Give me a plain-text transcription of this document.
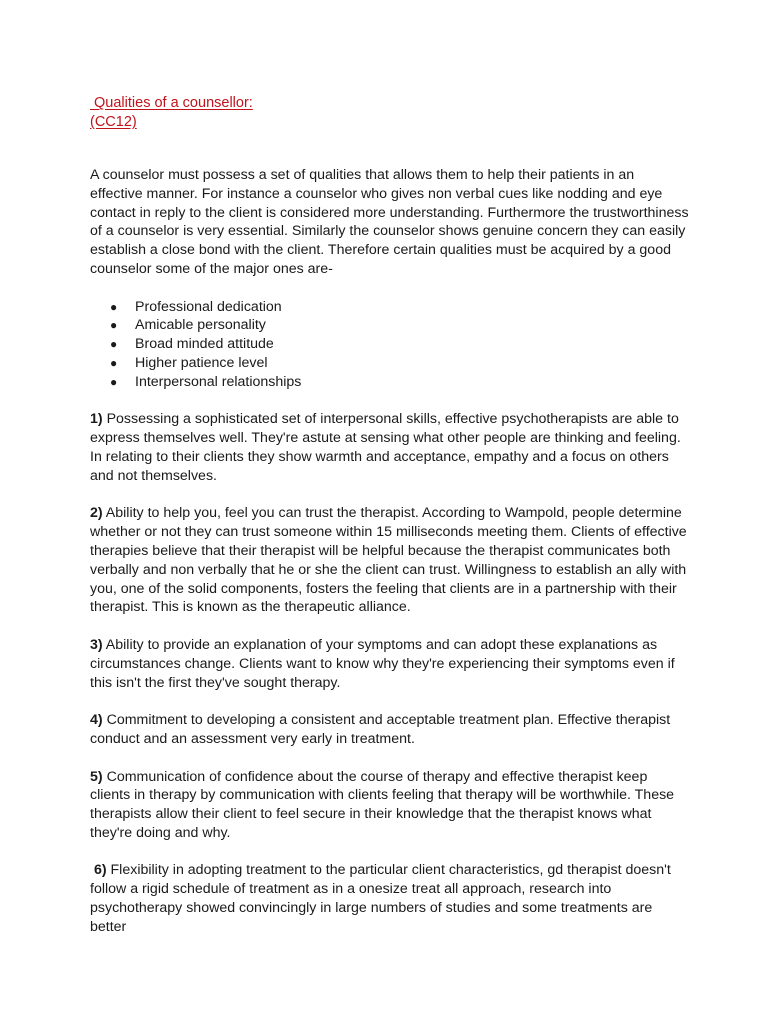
Qualities of a counsellor:
(CC12)

A counselor must possess a set of qualities that allows them to help their patients in an effective manner. For instance a counselor who gives non verbal cues like nodding and eye contact in reply to the client is considered more understanding. Furthermore the trustworthiness of a counselor is very essential. Similarly the counselor shows genuine concern they can easily establish a close bond with the client. Therefore certain qualities must be acquired by a good counselor some of the major ones are-

● Professional dedication
● Amicable personality
● Broad minded attitude
● Higher patience level
● Interpersonal relationships

1) Possessing a sophisticated set of interpersonal skills, effective psychotherapists are able to express themselves well. They're astute at sensing what other people are thinking and feeling. In relating to their clients they show warmth and acceptance, empathy and a focus on others and not themselves.

2) Ability to help you, feel you can trust the therapist. According to Wampold, people determine whether or not they can trust someone within 15 milliseconds meeting them. Clients of effective therapies believe that their therapist will be helpful because the therapist communicates both verbally and non verbally that he or she the client can trust. Willingness to establish an ally with you, one of the solid components, fosters the feeling that clients are in a partnership with their therapist. This is known as the therapeutic alliance.

3) Ability to provide an explanation of your symptoms and can adopt these explanations as circumstances change. Clients want to know why they're experiencing their symptoms even if this isn't the first they've sought therapy.

4) Commitment to developing a consistent and acceptable treatment plan. Effective therapist conduct and an assessment very early in treatment.

5) Communication of confidence about the course of therapy and effective therapist keep clients in therapy by communication with clients feeling that therapy will be worthwhile. These therapists allow their client to feel secure in their knowledge that the therapist knows what they're doing and why.

6) Flexibility in adopting treatment to the particular client characteristics, gd therapist doesn't follow a rigid schedule of treatment as in a onesize treat all approach, research into psychotherapy showed convincingly in large numbers of studies and some treatments are better
